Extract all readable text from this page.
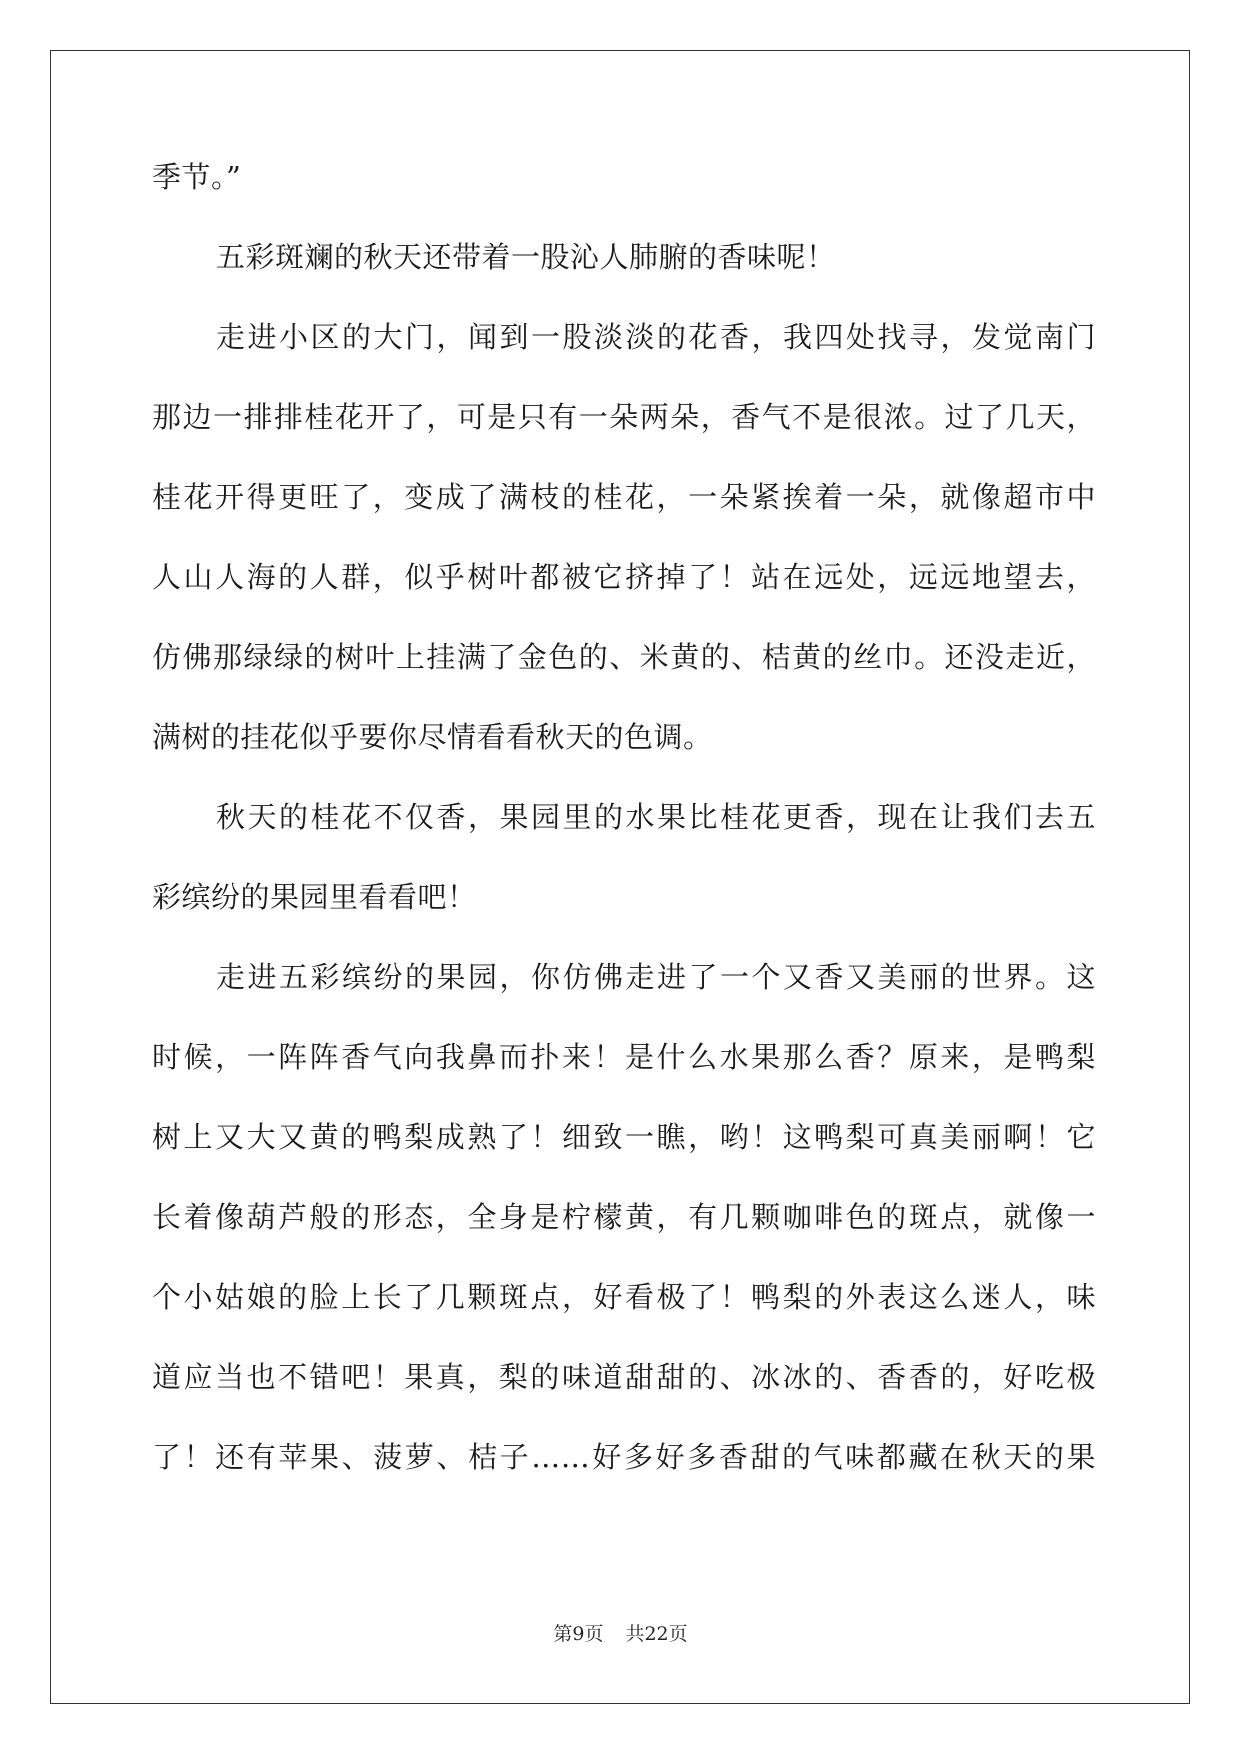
季节。”
五彩斑斓的秋天还带着一股沁人肺腑的香味呢！
走进小区的大门，闻到一股淡淡的花香，我四处找寻，发觉南门
那边一排排桂花开了，可是只有一朵两朵，香气不是很浓。过了几天，
桂花开得更旺了，变成了满枝的桂花，一朵紧挨着一朵，就像超市中
人山人海的人群，似乎树叶都被它挤掉了！站在远处，远远地望去，
仿佛那绿绿的树叶上挂满了金色的、米黄的、桔黄的丝巾。还没走近，
满树的挂花似乎要你尽情看看秋天的色调。
秋天的桂花不仅香，果园里的水果比桂花更香，现在让我们去五
彩缤纷的果园里看看吧！
走进五彩缤纷的果园，你仿佛走进了一个又香又美丽的世界。这
时候，一阵阵香气向我鼻而扑来！是什么水果那么香？原来，是鸭梨
树上又大又黄的鸭梨成熟了！细致一瞧，哟！这鸭梨可真美丽啊！它
长着像葫芦般的形态，全身是柠檬黄，有几颗咖啡色的斑点，就像一
个小姑娘的脸上长了几颗斑点，好看极了！鸭梨的外表这么迷人，味
道应当也不错吧！果真，梨的味道甜甜的、冰冰的、香香的，好吃极
了！还有苹果、菠萝、桔子……好多好多香甜的气味都藏在秋天的果
第9页 共22页
